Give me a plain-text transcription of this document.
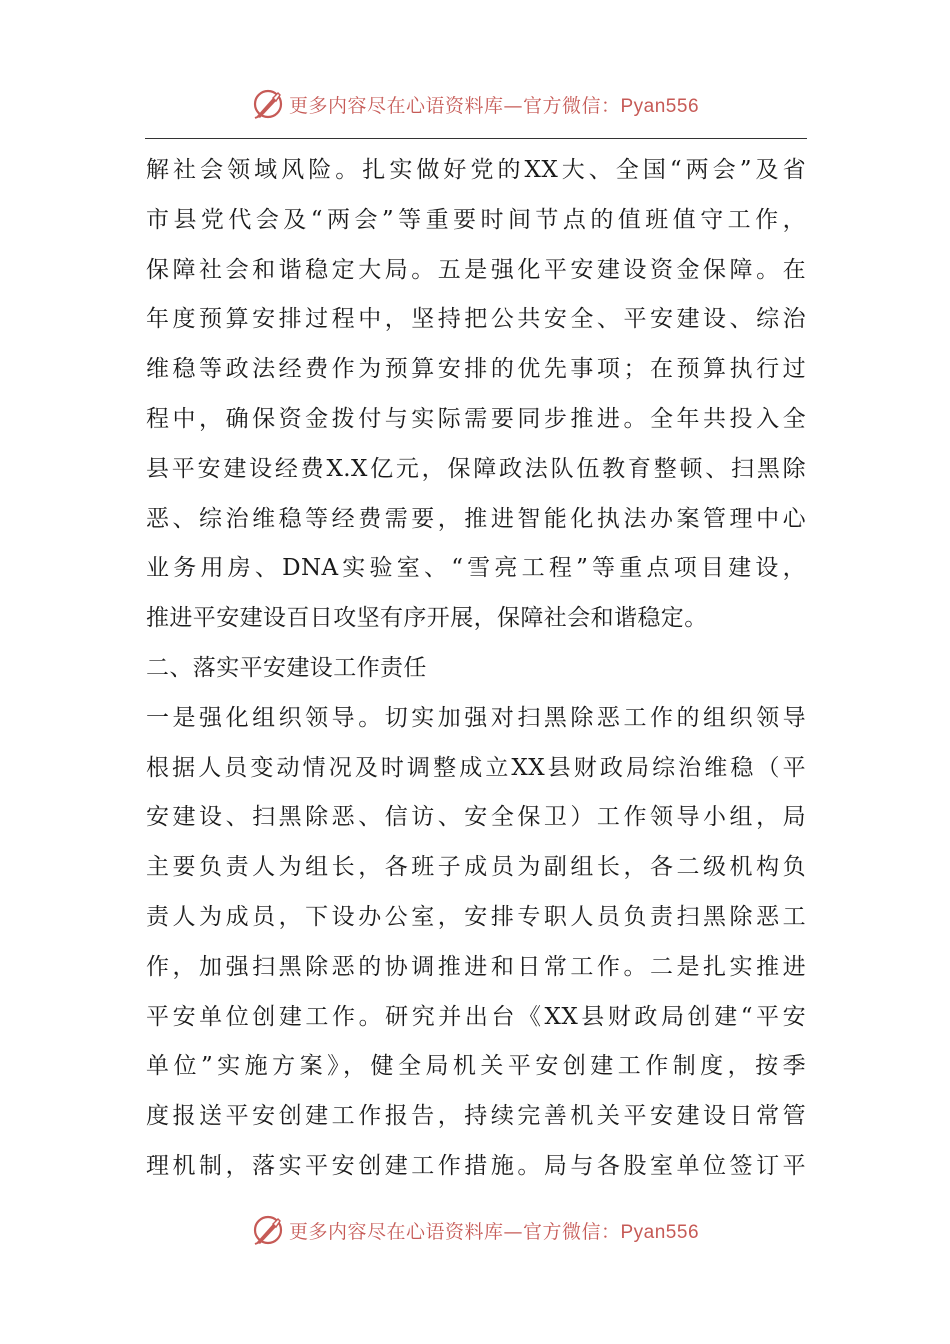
更多内容尽在心语资料库—官方微信：Pyan556
解社会领域风险。扎实做好党的XX大、全国“两会”及省
市县党代会及“两会”等重要时间节点的值班值守工作，
保障社会和谐稳定大局。五是强化平安建设资金保障。在
年度预算安排过程中，坚持把公共安全、平安建设、综治
维稳等政法经费作为预算安排的优先事项；在预算执行过
程中，确保资金拨付与实际需要同步推进。全年共投入全
县平安建设经费X.X亿元，保障政法队伍教育整顿、扫黑除
恶、综治维稳等经费需要，推进智能化执法办案管理中心
业务用房、DNA实验室、“雪亮工程”等重点项目建设，
推进平安建设百日攻坚有序开展，保障社会和谐稳定。
二、落实平安建设工作责任
一是强化组织领导。切实加强对扫黑除恶工作的组织领导
根据人员变动情况及时调整成立XX县财政局综治维稳（平
安建设、扫黑除恶、信访、安全保卫）工作领导小组，局
主要负责人为组长，各班子成员为副组长，各二级机构负
责人为成员，下设办公室，安排专职人员负责扫黑除恶工
作，加强扫黑除恶的协调推进和日常工作。二是扎实推进
平安单位创建工作。研究并出台《XX县财政局创建“平安
单位”实施方案》，健全局机关平安创建工作制度，按季
度报送平安创建工作报告，持续完善机关平安建设日常管
理机制，落实平安创建工作措施。局与各股室单位签订平
更多内容尽在心语资料库—官方微信：Pyan556
